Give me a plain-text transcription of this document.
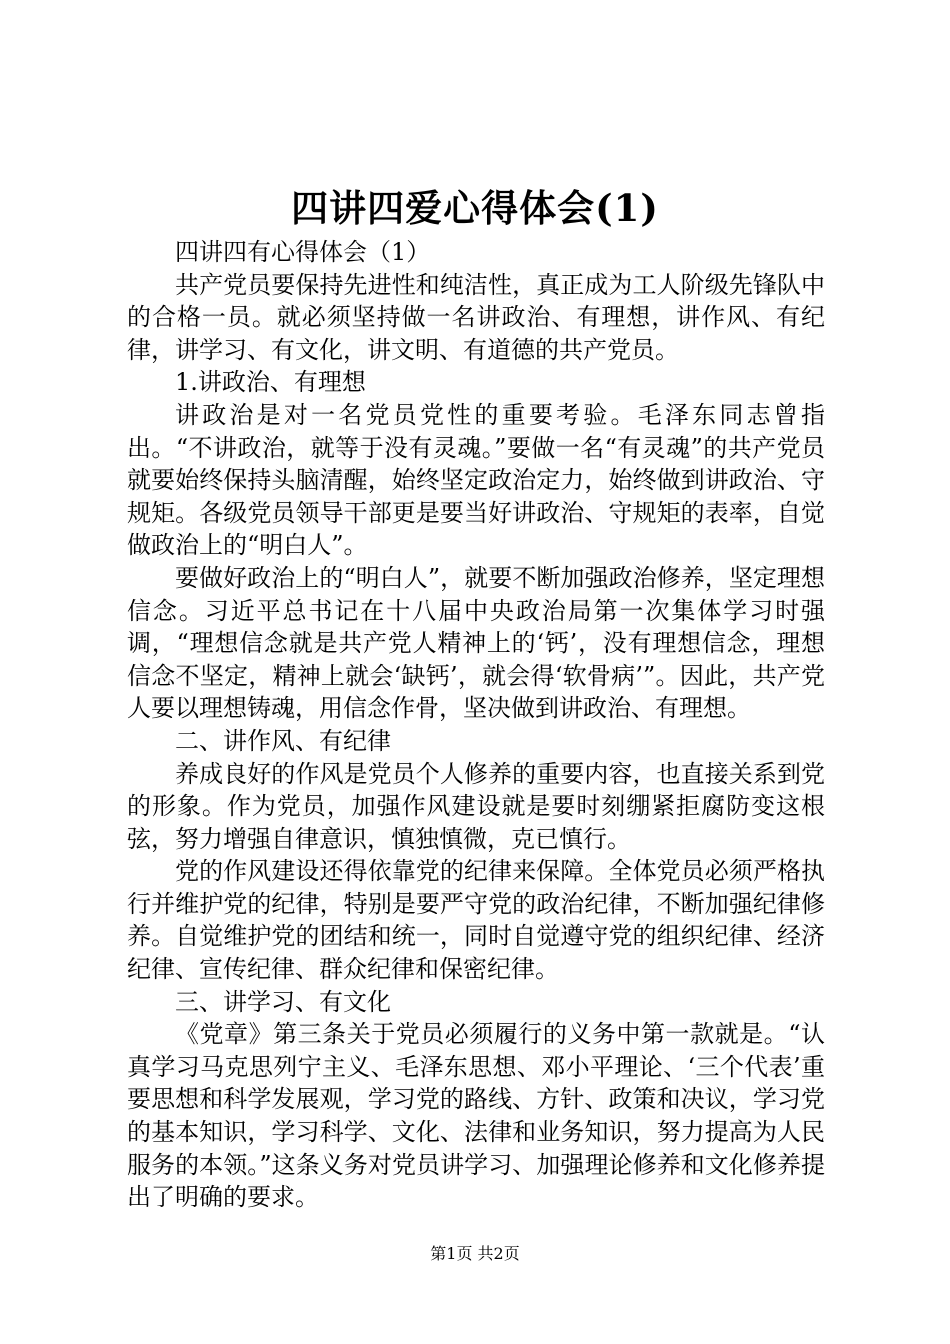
四讲四爱心得体会(1)

四讲四有心得体会（1）

共产党员要保持先进性和纯洁性，真正成为工人阶级先锋队中的合格一员。就必须坚持做一名讲政治、有理想，讲作风、有纪律，讲学习、有文化，讲文明、有道德的共产党员。

1.讲政治、有理想

讲政治是对一名党员党性的重要考验。毛泽东同志曾指出。“不讲政治，就等于没有灵魂。”要做一名“有灵魂”的共产党员就要始终保持头脑清醒，始终坚定政治定力，始终做到讲政治、守规矩。各级党员领导干部更是要当好讲政治、守规矩的表率，自觉做政治上的“明白人”。

要做好政治上的“明白人”，就要不断加强政治修养，坚定理想信念。习近平总书记在十八届中央政治局第一次集体学习时强调，“理想信念就是共产党人精神上的‘钙’，没有理想信念，理想信念不坚定，精神上就会‘缺钙’，就会得‘软骨病’”。因此，共产党人要以理想铸魂，用信念作骨，坚决做到讲政治、有理想。

二、讲作风、有纪律

养成良好的作风是党员个人修养的重要内容，也直接关系到党的形象。作为党员，加强作风建设就是要时刻绷紧拒腐防变这根弦，努力增强自律意识，慎独慎微，克已慎行。

党的作风建设还得依靠党的纪律来保障。全体党员必须严格执行并维护党的纪律，特别是要严守党的政治纪律，不断加强纪律修养。自觉维护党的团结和统一，同时自觉遵守党的组织纪律、经济纪律、宣传纪律、群众纪律和保密纪律。

三、讲学习、有文化

《党章》第三条关于党员必须履行的义务中第一款就是。“认真学习马克思列宁主义、毛泽东思想、邓小平理论、‘三个代表’重要思想和科学发展观，学习党的路线、方针、政策和决议，学习党的基本知识，学习科学、文化、法律和业务知识，努力提高为人民服务的本领。”这条义务对党员讲学习、加强理论修养和文化修养提出了明确的要求。

第1页 共2页
